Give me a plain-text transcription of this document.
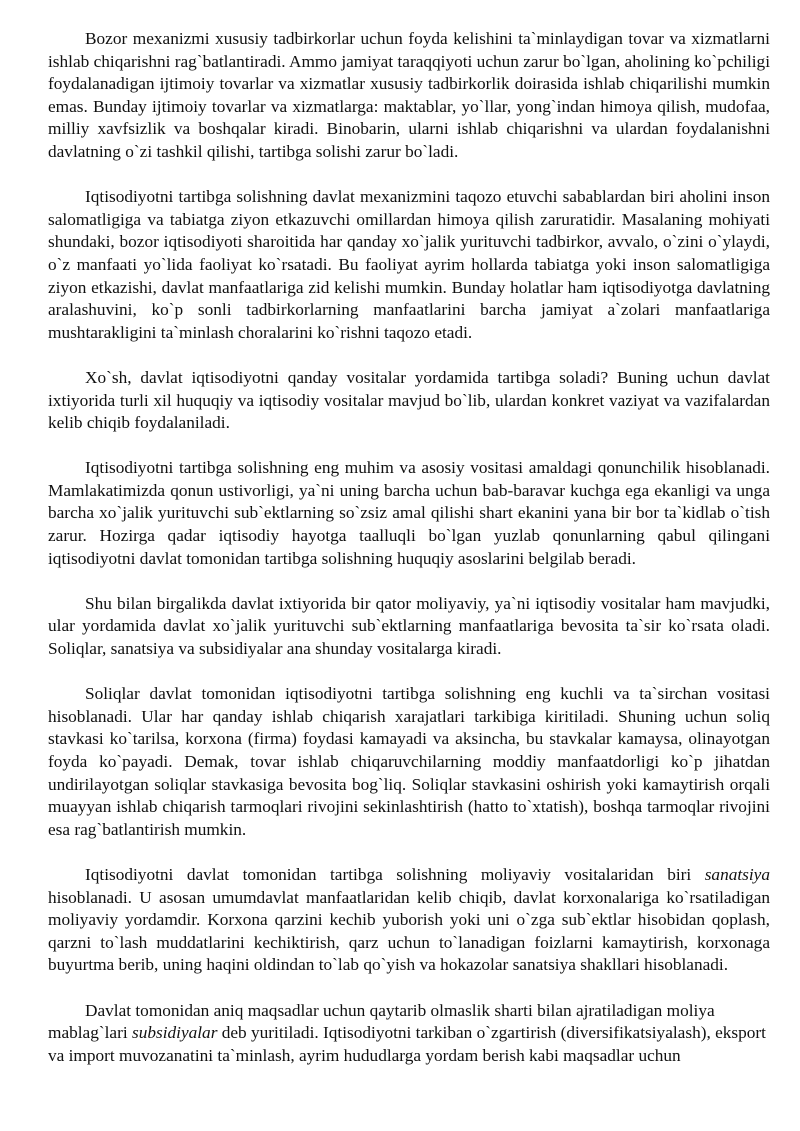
Bozor mexanizmi xususiy tadbirkorlar uchun foyda kelishini ta`minlaydigan tovar va xizmatlarni ishlab chiqarishni rag`batlantiradi. Ammo jamiyat taraqqiyoti uchun zarur bo`lgan, aholining ko`pchiligi foydalanadigan ijtimoiy tovarlar va xizmatlar xususiy tadbirkorlik doirasida ishlab chiqarilishi mumkin emas. Bunday ijtimoiy tovarlar va xizmatlarga: maktablar, yo`llar, yong`indan himoya qilish, mudofaa, milliy xavfsizlik va boshqalar kiradi. Binobarin, ularni ishlab chiqarishni va ulardan foydalanishni davlatning o`zi tashkil qilishi, tartibga solishi zarur bo`ladi.

Iqtisodiyotni tartibga solishning davlat mexanizmini taqozo etuvchi sabablardan biri aholini inson salomatligiga va tabiatga ziyon etkazuvchi omillardan himoya qilish zaruratidir. Masalaning mohiyati shundaki, bozor iqtisodiyoti sharoitida har qanday xo`jalik yurituvchi tadbirkor, avvalo, o`zini o`ylaydi, o`z manfaati yo`lida faoliyat ko`rsatadi. Bu faoliyat ayrim hollarda tabiatga yoki inson salomatligiga ziyon etkazishi, davlat manfaatlariga zid kelishi mumkin. Bunday holatlar ham iqtisodiyotga davlatning aralashuvini, ko`p sonli tadbirkorlarning manfaatlarini barcha jamiyat a`zolari manfaatlariga mushtarakligini ta`minlash choralarini ko`rishni taqozo etadi.

Xo`sh, davlat iqtisodiyotni qanday vositalar yordamida tartibga soladi? Buning uchun davlat ixtiyorida turli xil huquqiy va iqtisodiy vositalar mavjud bo`lib, ulardan konkret vaziyat va vazifalardan kelib chiqib foydalaniladi.

Iqtisodiyotni tartibga solishning eng muhim va asosiy vositasi amaldagi qonunchilik hisoblanadi. Mamlakatimizda qonun ustivorligi, ya`ni uning barcha uchun bab-baravar kuchga ega ekanligi va unga barcha xo`jalik yurituvchi sub`ektlarning so`zsiz amal qilishi shart ekanini yana bir bor ta`kidlab o`tish zarur. Hozirga qadar iqtisodiy hayotga taalluqli bo`lgan yuzlab qonunlarning qabul qilingani iqtisodiyotni davlat tomonidan tartibga solishning huquqiy asoslarini belgilab beradi.

Shu bilan birgalikda davlat ixtiyorida bir qator moliyaviy, ya`ni iqtisodiy vositalar ham mavjudki, ular yordamida davlat xo`jalik yurituvchi sub`ektlarning manfaatlariga bevosita ta`sir ko`rsata oladi. Soliqlar, sanatsiya va subsidiyalar ana shunday vositalarga kiradi.

Soliqlar davlat tomonidan iqtisodiyotni tartibga solishning eng kuchli va ta`sirchan vositasi hisoblanadi. Ular har qanday ishlab chiqarish xarajatlari tarkibiga kiritiladi. Shuning uchun soliq stavkasi ko`tarilsa, korxona (firma) foydasi kamayadi va aksincha, bu stavkalar kamaysa, olinayotgan foyda ko`payadi. Demak, tovar ishlab chiqaruvchilarning moddiy manfaatdorligi ko`p jihatdan undirilayotgan soliqlar stavkasiga bevosita bog`liq. Soliqlar stavkasini oshirish yoki kamaytirish orqali muayyan ishlab chiqarish tarmoqlari rivojini sekinlashtirish (hatto to`xtatish), boshqa tarmoqlar rivojini esa rag`batlantirish mumkin.

Iqtisodiyotni davlat tomonidan tartibga solishning moliyaviy vositalaridan biri sanatsiya hisoblanadi. U asosan umumdavlat manfaatlaridan kelib chiqib, davlat korxonalariga ko`rsatiladigan moliyaviy yordamdir. Korxona qarzini kechib yuborish yoki uni o`zga sub`ektlar hisobidan qoplash, qarzni to`lash muddatlarini kechiktirish, qarz uchun to`lanadigan foizlarni kamaytirish, korxonaga buyurtma berib, uning haqini oldindan to`lab qo`yish va hokazolar sanatsiya shakllari hisoblanadi.

Davlat tomonidan aniq maqsadlar uchun qaytarib olmaslik sharti bilan ajratiladigan moliya mablag`lari subsidiyalar deb yuritiladi. Iqtisodiyotni tarkiban o`zgartirish (diversifikatsiyalash), eksport va import muvozanatini ta`minlash, ayrim hududlarga yordam berish kabi maqsadlar uchun
